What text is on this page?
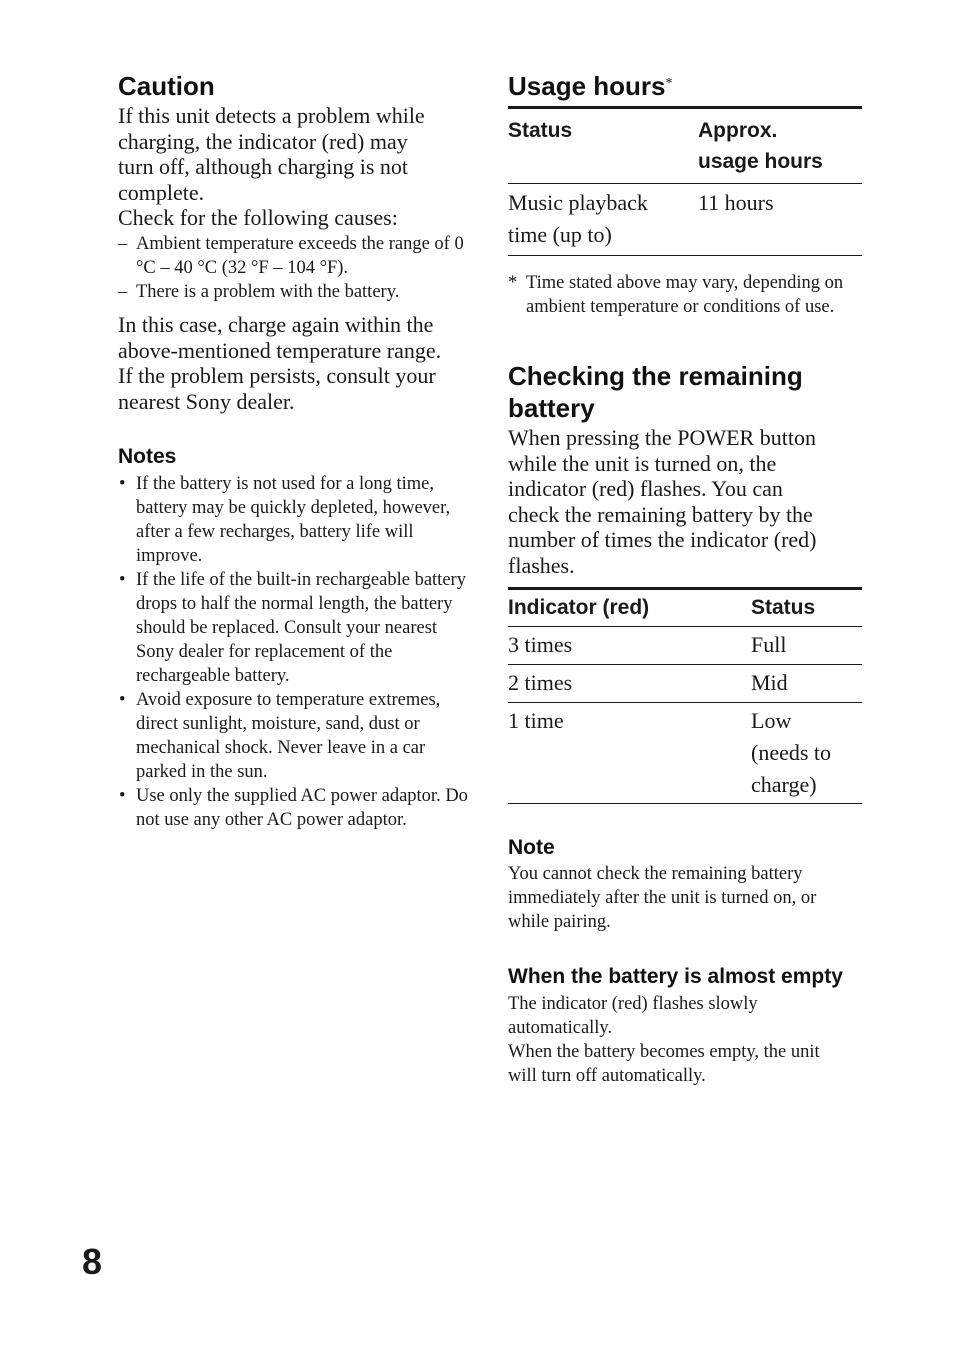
Caution

If this unit detects a problem while

charging, the indicator (red) may

turn off, although charging is not

complete.

Check for the following causes:

– Ambient temperature exceeds the range of 0 °C – 40 °C (32 °F – 104 °F).
– There is a problem with the battery.

In this case, charge again within the

above-mentioned temperature range.

If the problem persists, consult your

nearest Sony dealer.

Notes
• If the battery is not used for a long time, battery may be quickly depleted, however, after a few recharges, battery life will improve.
• If the life of the built-in rechargeable battery drops to half the normal length, the battery should be replaced. Consult your nearest Sony dealer for replacement of the rechargeable battery.
• Avoid exposure to temperature extremes, direct sunlight, moisture, sand, dust or mechanical shock. Never leave in a car parked in the sun.
• Use only the supplied AC power adaptor. Do not use any other AC power adaptor.
Usage hours*
Status	Approx.
usage hours

Music playback
time (up to)	11 hours

* Time stated above may vary, depending on ambient temperature or conditions of use.

Checking the remaining
battery

When pressing the POWER button

while the unit is turned on, the

indicator (red) flashes. You can

check the remaining battery by the

number of times the indicator (red)

flashes.

Indicator (red)	Status
3 times	Full
2 times	Mid
1 time	Low
(needs to
charge)
Note

You cannot check the remaining battery

immediately after the unit is turned on, or

while pairing.

When the battery is almost empty

The indicator (red) flashes slowly

automatically.

When the battery becomes empty, the unit

will turn off automatically.

8
